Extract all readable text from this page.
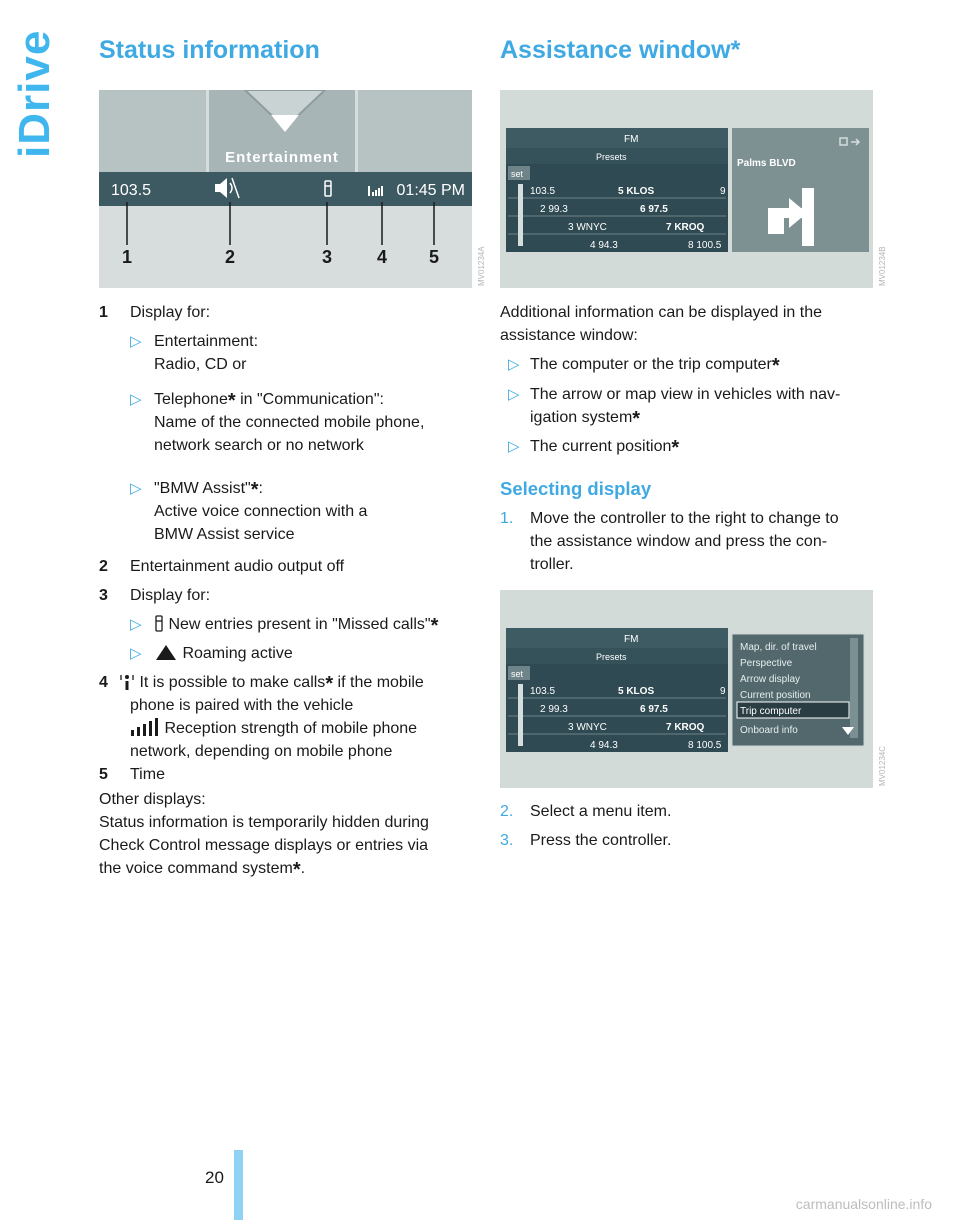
iDrive Status information
Entertainment
103.5	01:45 PM
1	2	3 4 5	MV01234A
1 Display for:
▷ Entertainment:
Radio, CD or
▷ Telephone* in "Communication":
Name of the connected mobile phone,
network search or no network
▷ "BMW Assist"*:
Active voice connection with a
BMW Assist service
2 Entertainment audio output off
3 Display for:
▷	New entries present in "Missed calls"*
▷	Roaming active
4	It is possible to make calls* if the mobile
phone is paired with the vehicle
Reception strength of mobile phone
network, depending on mobile phone
5 Time
Other displays:
Status information is temporarily hidden during
Check Control message displays or entries via
the voice command system*.
Assistance window*
FM
Presets
set
103.5	5 KLOS	9
2 99.3	6 97.5
3 WNYC	7 KROQ
4 94.3	8 100.5
Palms BLVD
MV01234B
Additional information can be displayed in the
assistance window:
▷ The computer or the trip computer*
▷ The arrow or map view in vehicles with nav-
igation system*
▷ The current position*
Selecting display
1. Move the controller to the right to change to
the assistance window and press the con-
troller.
FM
Presets
set
103.5	5 KLOS	9
2 99.3	6 97.5
3 WNYC	7 KROQ
4 94.3	8 100.5
Map, dir. of travel
Perspective
Arrow display
Current position
Trip computer
Onboard info
MV01234C
2. Select a menu item.
3. Press the controller.
20
carmanualsonline.info
